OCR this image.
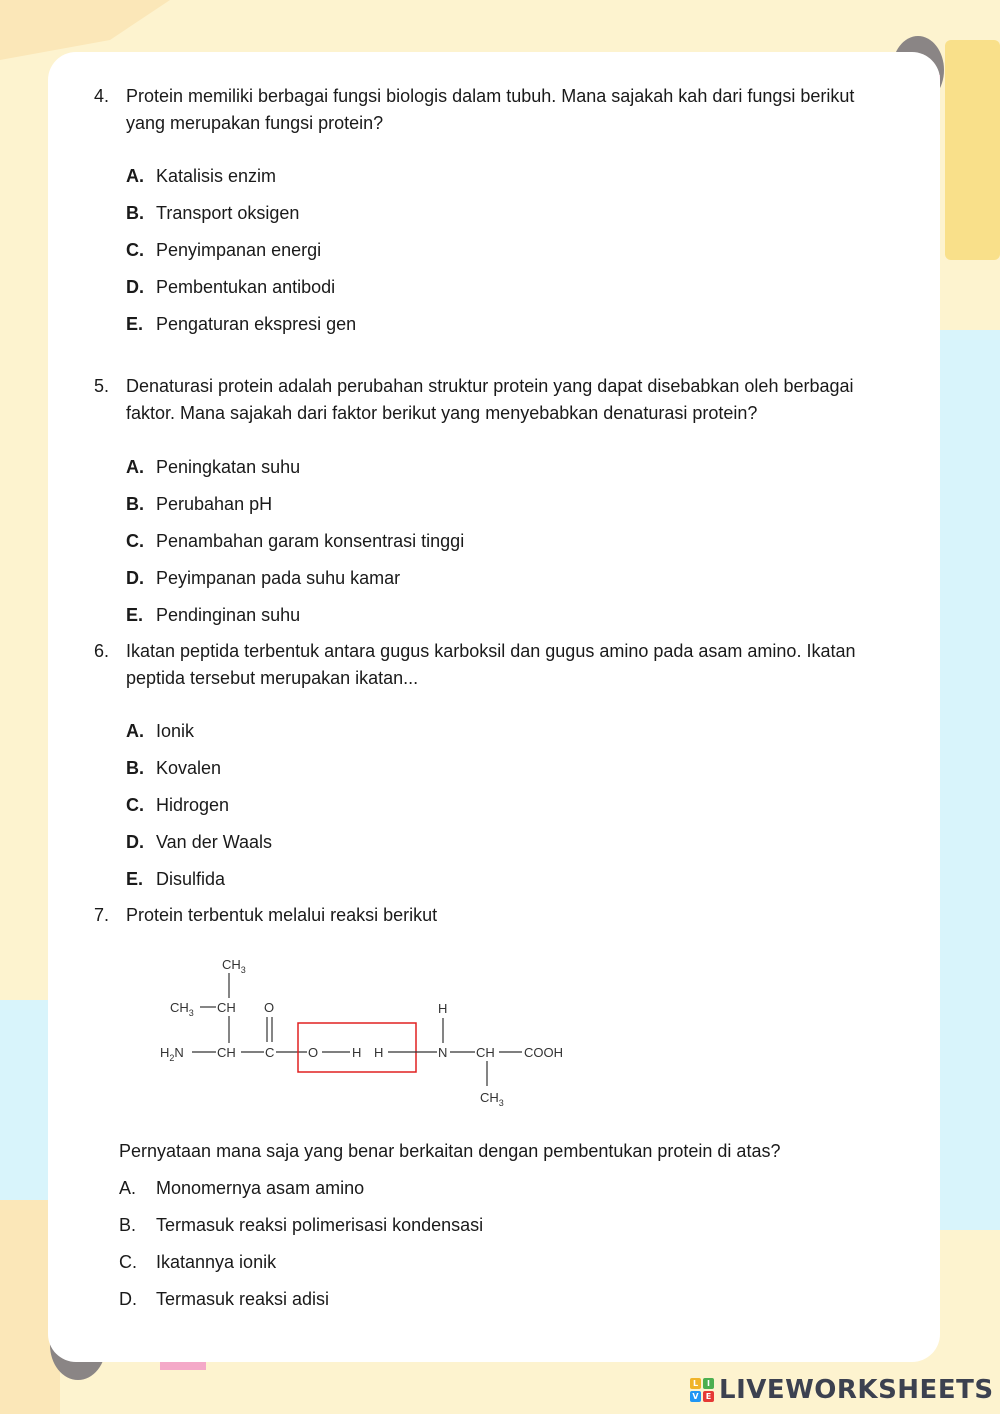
4. Protein memiliki berbagai fungsi biologis dalam tubuh. Mana sajakah kah dari fungsi berikut
yang merupakan fungsi protein?
A. Katalisis enzim
B. Transport oksigen
C. Penyimpanan energi
D. Pembentukan antibodi
E. Pengaturan ekspresi gen
5. Denaturasi protein adalah perubahan struktur protein yang dapat disebabkan oleh berbagai
faktor. Mana sajakah dari faktor berikut yang menyebabkan denaturasi protein?
A. Peningkatan suhu
B. Perubahan pH
C. Penambahan garam konsentrasi tinggi
D. Peyimpanan pada suhu kamar
E. Pendinginan suhu
6. Ikatan peptida terbentuk antara gugus karboksil dan gugus amino pada asam amino. Ikatan
peptida tersebut merupakan ikatan...
A. Ionik
B. Kovalen
C. Hidrogen
D. Van der Waals
E. Disulfida
7. Protein terbentuk melalui reaksi berikut
$CH_3$
$CH_3$ CH O
$H_2N$	CH C	O	H H
H
N CH COOH
$CH_3$
Pernyataan mana saja yang benar berkaitan dengan pembentukan protein di atas?
A. Monomernya asam amino
B. Termasuk reaksi polimerisasi kondensasi
C. Ikatannya ionik
D. Termasuk reaksi adisi
L	I
V E LIVEWORKSHEETS
